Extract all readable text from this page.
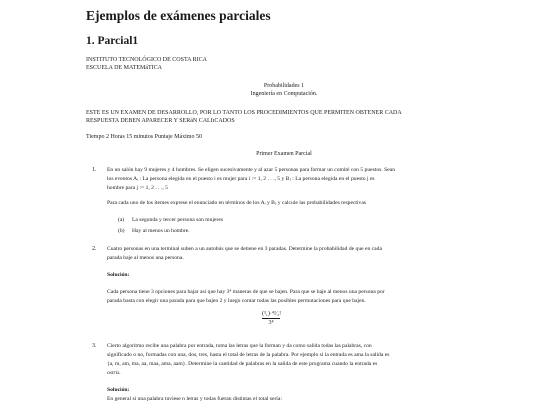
Ejemplos de exámenes parciales
1. Parcial1
INSTITUTO TECNOLÓGICO DE COSTA RICA
ESCUELA DE MATEMáTICA
Probabilidades 1
Ingeniería en Computación.
ESTE ES UN EXAMEN DE DESARROLLO, POR LO TANTO LOS PROCEDIMIENTOS QUE PERMITEN OBTENER CADA
RESPUESTA DEBEN APARECER Y SERáN CALIıCADOS
Tiempo 2 Horas 15 minutos Puntaje Máximo 50
Primer Examen Parcial
1. En un salón hay 9 mujeres y 4 hombres. Se eligen sucesivamente y al azar 5 personas para formar un comité con 5 puestos. Sean
los eventos Aᵢ : La persona elegida en el puesto i es mujer para i := 1, 2 . . ., 5 y Bⱼ : La persona elegida en el puesto j es
hombre para j := 1, 2 . . ., 5
Para cada uno de los ítemes exprese el enunciado en términos de los Aᵢ y Bⱼ y calcule las probabilidades respectivas
(a) La segunda y tercer persona son mujeres
(b) Hay al menos un hombre.
2. Cuatro personas en una terminal suben a un autobús que se detiene en 3 paradas. Determine la probabilidad de que en cada
parada baje al menos una persona.
Solución:
Cada persona tiene 3 opciones para bajar así que hay 3⁴ maneras de que se bajen. Para que se baje al menos una persona por
parada basta con elegir una parada para que bajen 2 y luego contar todas las posibles permutaciones para que bajen.
(³₁)·⁴!⁄₂!
3⁴
3. Cierto algoritmo recibe una palabra por entrada, toma las letras que la forman y da como salida todas las palabras, con
significado o no, formadas con una, dos, tres, hasta el total de letras de la palabra. Por ejemplo si la entrada es ama la salida es
{a, m, am, ma, aa, maa, ama, aam}. Determine la cantidad de palabras en la salida de este programa cuando la entrada es
ostris.
Solución:
En general si una palabra tuviese n letras y todas fueran distintas el total sería:
